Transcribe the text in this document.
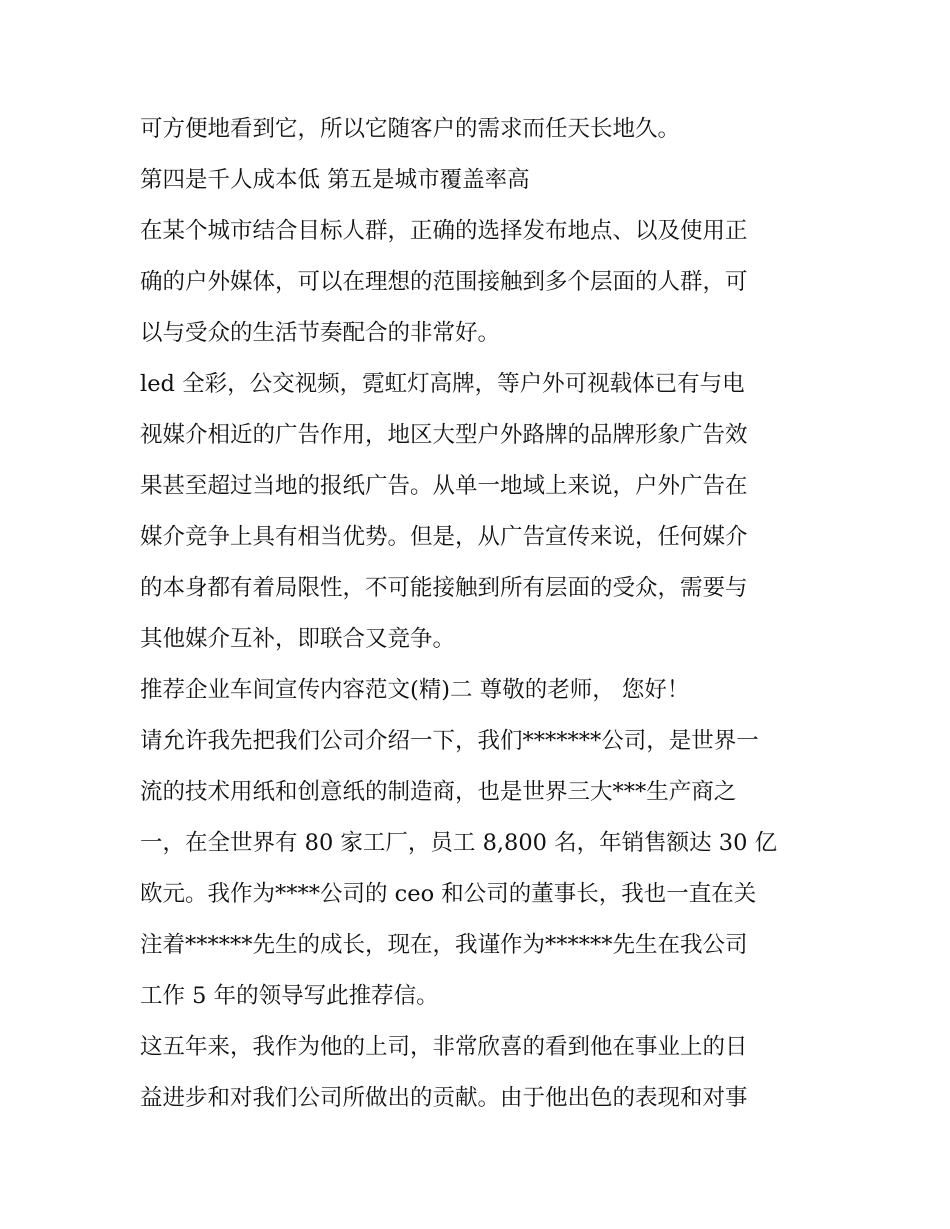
可方便地看到它，所以它随客户的需求而任天长地久。
第四是千人成本低 第五是城市覆盖率高
在某个城市结合目标人群，正确的选择发布地点、以及使用正
确的户外媒体，可以在理想的范围接触到多个层面的人群，可
以与受众的生活节奏配合的非常好。
led 全彩，公交视频，霓虹灯高牌，等户外可视载体已有与电
视媒介相近的广告作用，地区大型户外路牌的品牌形象广告效
果甚至超过当地的报纸广告。从单一地域上来说，户外广告在
媒介竞争上具有相当优势。但是，从广告宣传来说，任何媒介
的本身都有着局限性，不可能接触到所有层面的受众，需要与
其他媒介互补，即联合又竞争。
推荐企业车间宣传内容范文(精)二 尊敬的老师， 您好！
请允许我先把我们公司介绍一下，我们*******公司，是世界一
流的技术用纸和创意纸的制造商，也是世界三大***生产商之
一，在全世界有 80 家工厂，员工 8,800 名，年销售额达 30 亿
欧元。我作为****公司的 ceo 和公司的董事长，我也一直在关
注着******先生的成长，现在，我谨作为******先生在我公司
工作 5 年的领导写此推荐信。
这五年来，我作为他的上司，非常欣喜的看到他在事业上的日
益进步和对我们公司所做出的贡献。由于他出色的表现和对事
